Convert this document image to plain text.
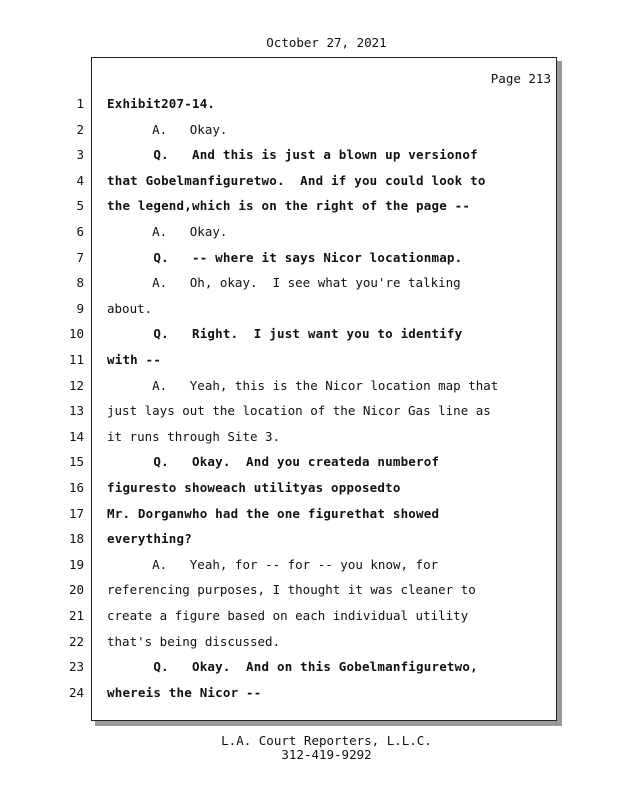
October 27, 2021
Page 213
1 Exhibit207-14.
2 A.   Okay.
3 Q.   And this is just a blown up versionof
4 that Gobelmanfiguretwo.  And if you could look to
5 the legend,which is on the right of the page --
6 A.   Okay.
7 Q.   -- where it says Nicor locationmap.
8 A.   Oh, okay.  I see what you're talking
9 about.
10 Q.   Right.  I just want you to identify
11 with --
12 A.   Yeah, this is the Nicor location map that
13 just lays out the location of the Nicor Gas line as
14 it runs through Site 3.
15 Q.   Okay.  And you createda numberof
16 figuresto showeach utilityas opposedto
17 Mr. Dorganwho had the one figurethat showed
18 everything?
19 A.   Yeah, for -- for -- you know, for
20 referencing purposes, I thought it was cleaner to
21 create a figure based on each individual utility
22 that's being discussed.
23 Q.   Okay.  And on this Gobelmanfiguretwo,
24 whereis the Nicor --
L.A. Court Reporters, L.L.C.
312-419-9292
